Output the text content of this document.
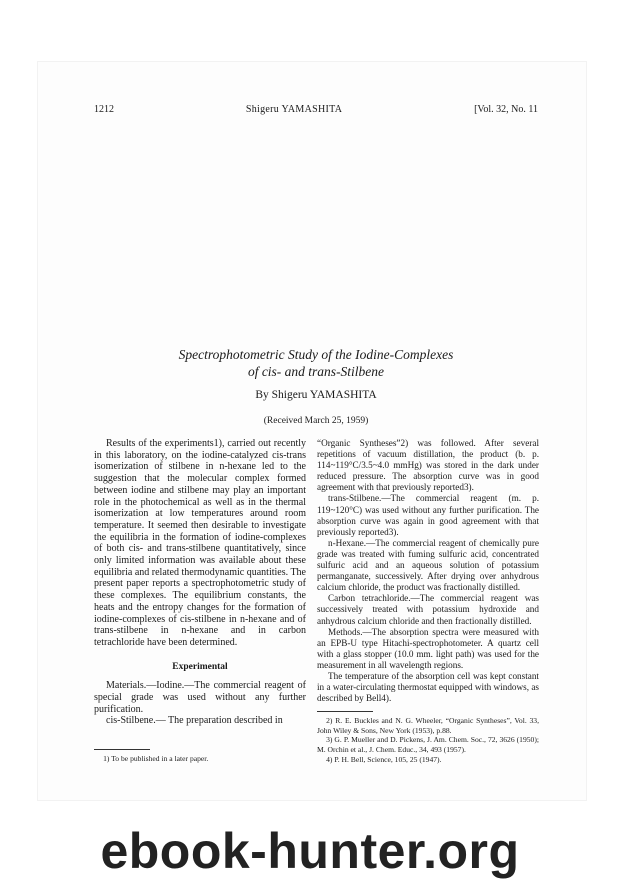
1212	Shigeru YAMASHITA	[Vol. 32, No. 11
Spectrophotometric Study of the Iodine-Complexes
of cis- and trans-Stilbene
By Shigeru YAMASHITA
(Received March 25, 1959)

Results of the experiments1), carried out recently in this laboratory, on the iodine-catalyzed cis-trans isomerization of stilbene in n-hexane led to the suggestion that the molecular complex formed between iodine and stilbene may play an important role in the photochemical as well as in the thermal isomerization at low temperatures around room temperature. It seemed then desirable to investigate the equilibria in the formation of iodine-complexes of both cis- and trans-stilbene quantitatively, since only limited information was available about these equilibria and related thermodynamic quantities. The present paper reports a spectrophotometric study of these complexes. The equilibrium constants, the heats and the entropy changes for the formation of iodine-complexes of cis-stilbene in n-hexane and of trans-stilbene in n-hexane and in carbon tetrachloride have been determined.

Experimental

Materials.—Iodine.—The commercial reagent of special grade was used without any further purification.

cis-Stilbene.— The preparation described in

1) To be published in a later paper.

“Organic Syntheses”2) was followed. After several repetitions of vacuum distillation, the product (b. p. 114~119°C/3.5~4.0 mmHg) was stored in the dark under reduced pressure. The absorption curve was in good agreement with that previously reported3).

trans-Stilbene.—The commercial reagent (m. p. 119~120°C) was used without any further purification. The absorption curve was again in good agreement with that previously reported3).

n-Hexane.—The commercial reagent of chemically pure grade was treated with fuming sulfuric acid, concentrated sulfuric acid and an aqueous solution of potassium permanganate, successively. After drying over anhydrous calcium chloride, the product was fractionally distilled.

Carbon tetrachloride.—The commercial reagent was successively treated with potassium hydroxide and anhydrous calcium chloride and then fractionally distilled.

Methods.—The absorption spectra were measured with an EPB-U type Hitachi-spectrophotometer. A quartz cell with a glass stopper (10.0 mm. light path) was used for the measurement in all wavelength regions.

The temperature of the absorption cell was kept constant in a water-circulating thermostat equipped with windows, as described by Bell4).

2) R. E. Buckles and N. G. Wheeler, “Organic Syntheses”, Vol. 33, John Wiley & Sons, New York (1953), p.88.

3) G. P. Mueller and D. Pickens, J. Am. Chem. Soc., 72, 3626 (1950); M. Orchin et al., J. Chem. Educ., 34, 493 (1957).

4) P. H. Bell, Science, 105, 25 (1947).

ebook-hunter.org
